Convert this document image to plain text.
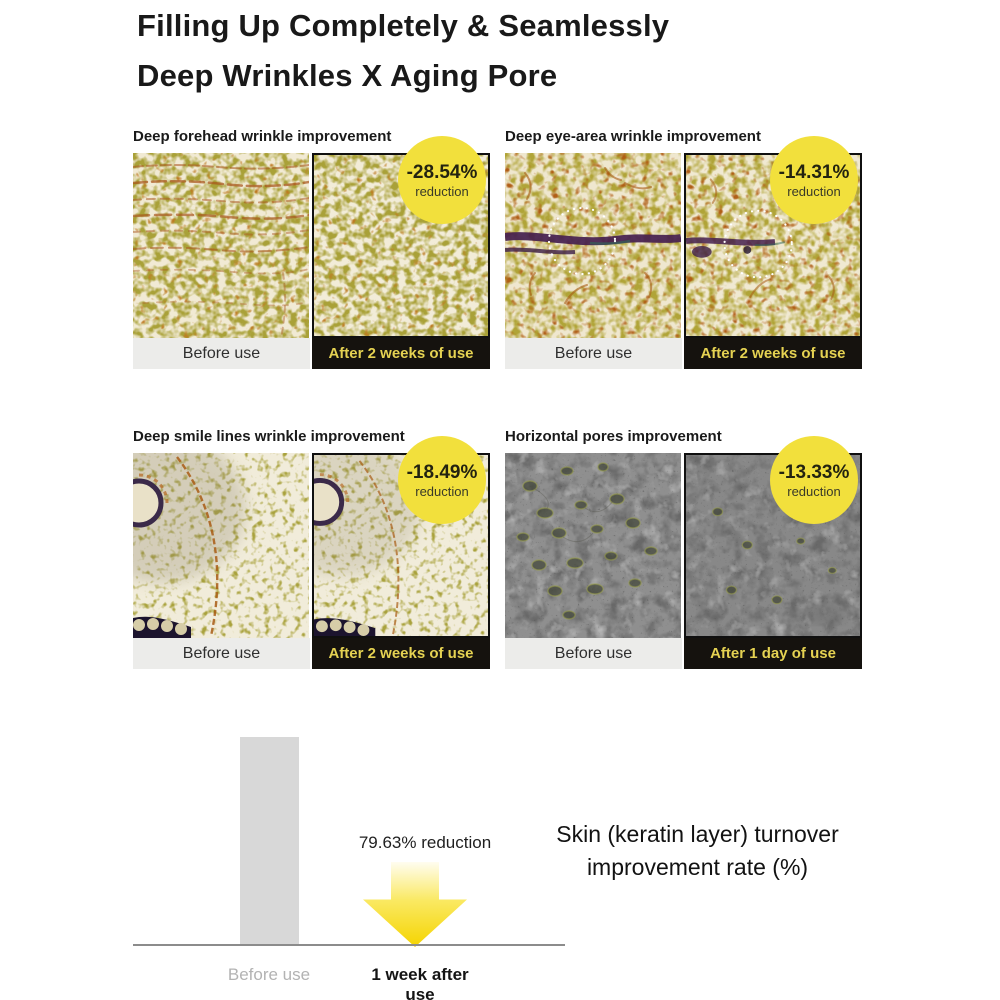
Filling Up Completely & Seamlessly
Deep Wrinkles X Aging Pore
Deep forehead wrinkle improvement
-28.54%
reduction
Before use	After 2 weeks of use
Deep eye-area wrinkle improvement
-14.31%
reduction
Before use	After 2 weeks of use
Deep smile lines wrinkle improvement
-18.49%
reduction
Before use	After 2 weeks of use
Horizontal pores improvement
-13.33%
reduction
Before use	After 1 day of use
79.63% reduction
Before use	1 week after use
Skin (keratin layer) turnover
improvement rate (%)
